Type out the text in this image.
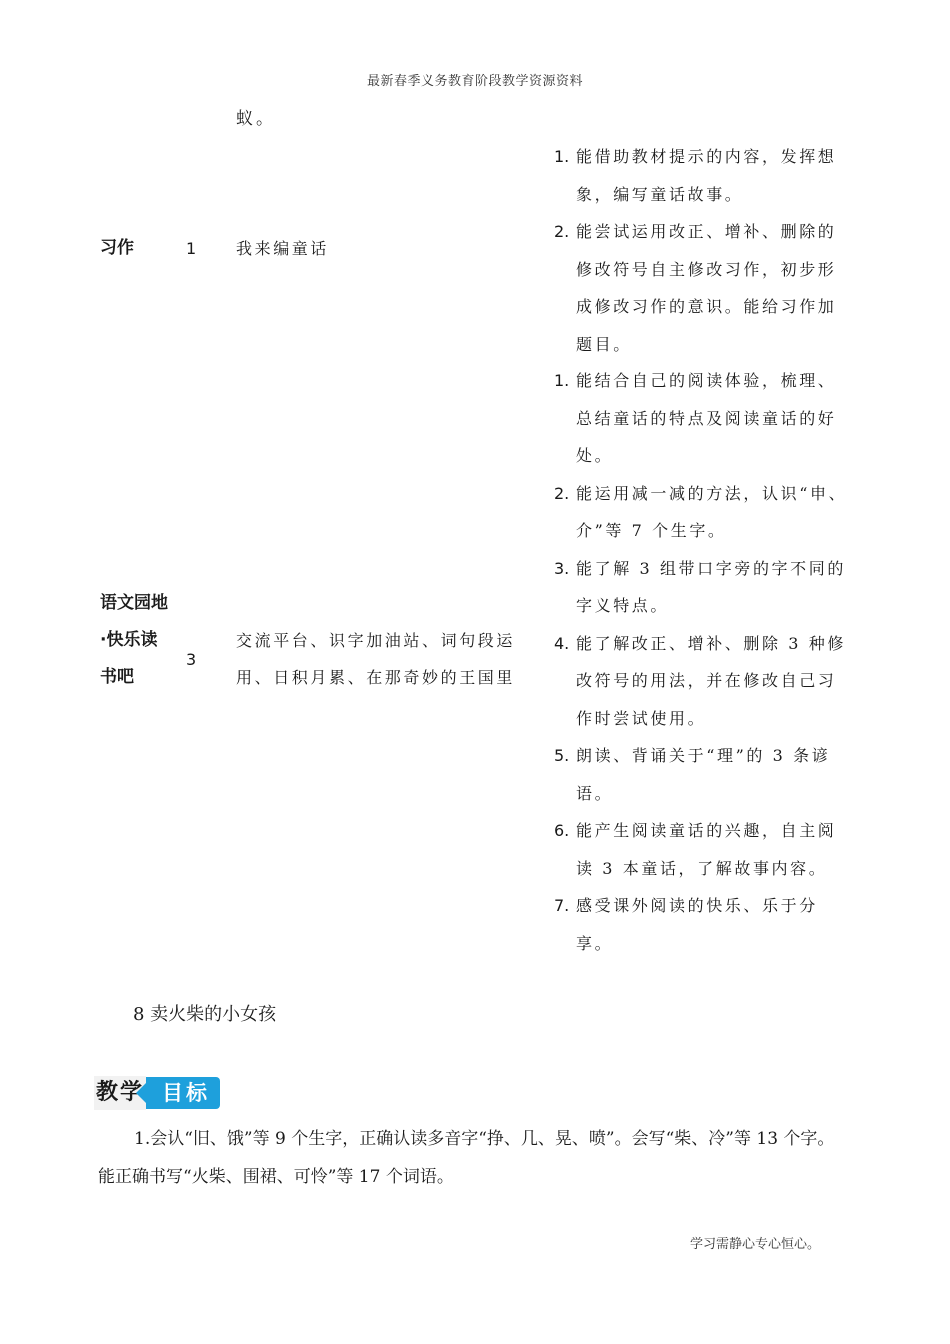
最新春季义务教育阶段教学资源资料
蚁。
习作	1 我来编童话
1. 能借助教材提示的内容，发挥想象，编写童话故事。
2. 能尝试运用改正、增补、删除的修改符号自主修改习作，初步形成修改习作的意识。能给习作加题目。
语文园地·快乐读书吧
3
交流平台、识字加油站、词句段运用、日积月累、在那奇妙的王国里
1. 能结合自己的阅读体验，梳理、总结童话的特点及阅读童话的好处。
2. 能运用减一减的方法，认识“申、介”等 7 个生字。
3. 能了解 3 组带口字旁的字不同的字义特点。
4. 能了解改正、增补、删除 3 种修改符号的用法，并在修改自己习作时尝试使用。
5. 朗读、背诵关于“理”的 3 条谚语。
6. 能产生阅读童话的兴趣，自主阅读 3 本童话，了解故事内容。
7. 感受课外阅读的快乐、乐于分享。
8 卖火柴的小女孩
教学 目标
1.会认“旧、饿”等 9 个生字，正确认读多音字“挣、几、晃、喷”。会写“柴、冷”等 13 个字。能正确书写“火柴、围裙、可怜”等 17 个词语。
学习需静心专心恒心。
